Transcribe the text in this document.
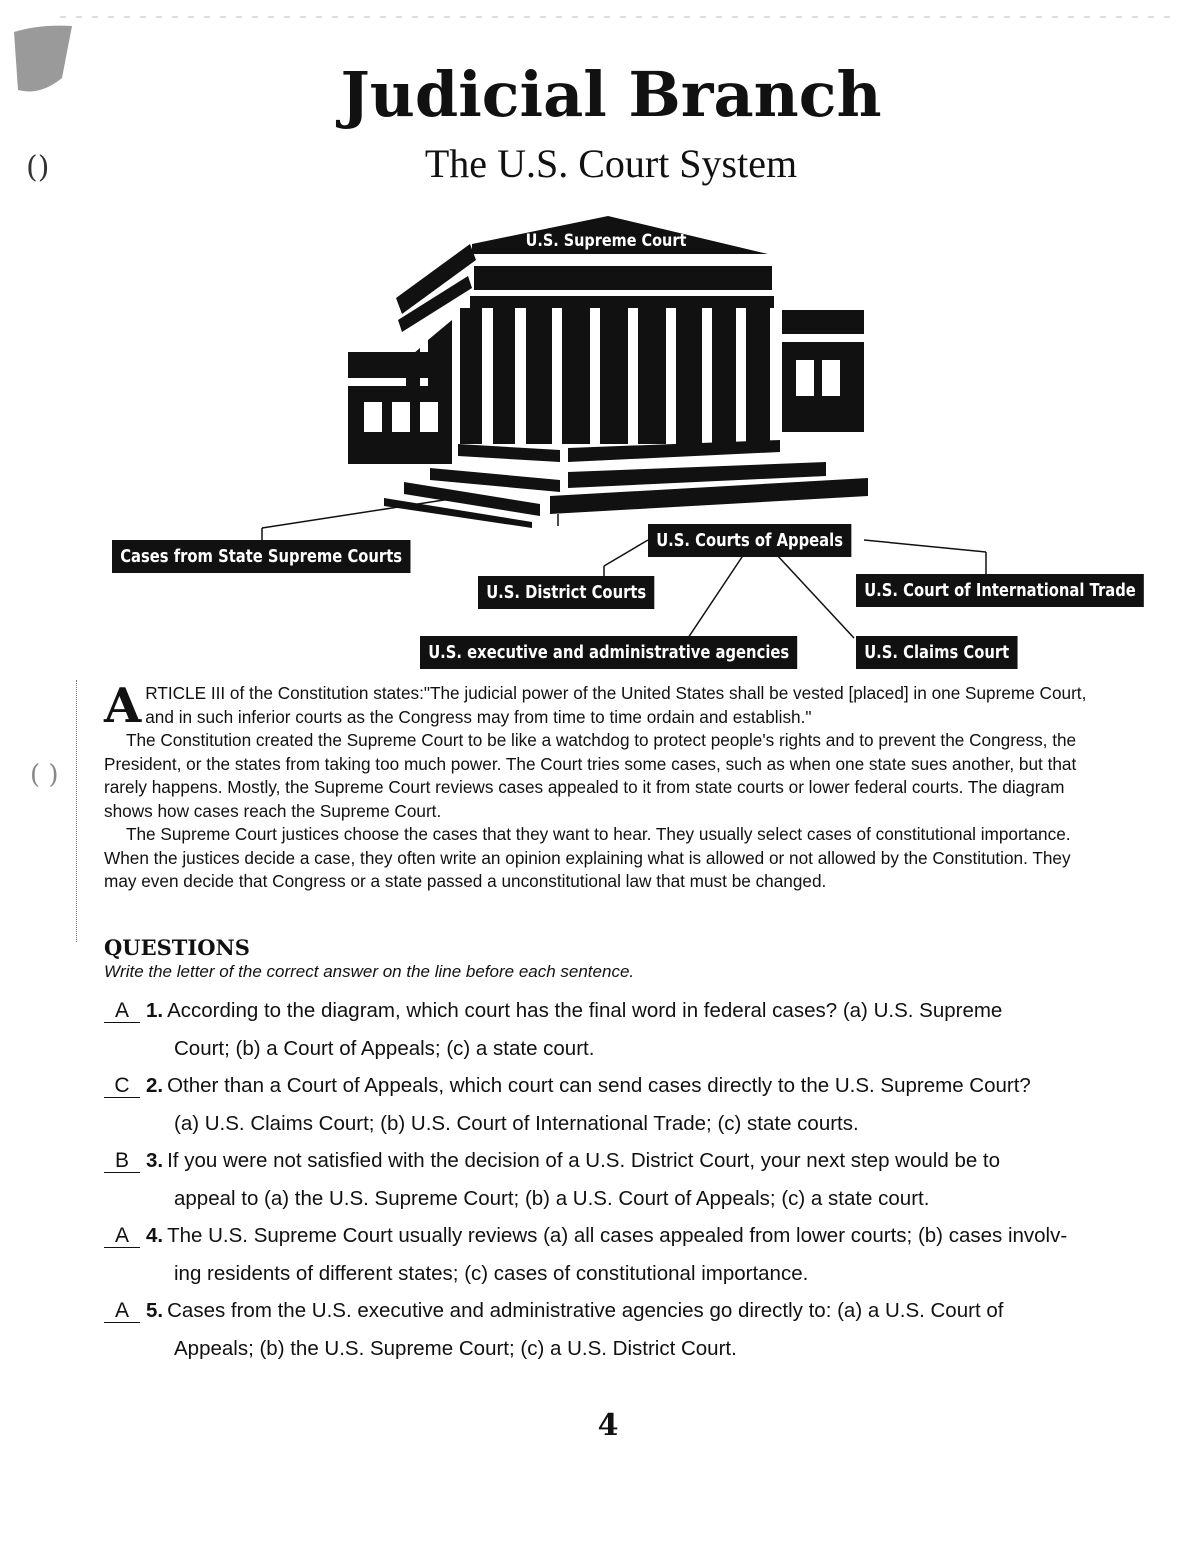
()
( )
Judicial Branch
The U.S. Court System
U.S. Supreme Court
Cases from State Supreme Courts
U.S. Courts of Appeals
U.S. District Courts	U.S. Court of International Trade
U.S. executive and administrative agencies	U.S. Claims Court

ARTICLE III of the Constitution states:"The judicial power of the United States shall be vested [placed] in one Supreme Court, and in such inferior courts as the Congress may from time to time ordain and establish."

The Constitution created the Supreme Court to be like a watchdog to protect people's rights and to prevent the Congress, the President, or the states from taking too much power. The Court tries some cases, such as when one state sues another, but that rarely happens. Mostly, the Supreme Court reviews cases appealed to it from state courts or lower federal courts. The diagram shows how cases reach the Supreme Court.

The Supreme Court justices choose the cases that they want to hear. They usually select cases of constitutional importance. When the justices decide a case, they often write an opinion explaining what is allowed or not allowed by the Constitution. They may even decide that Congress or a state passed a unconstitutional law that must be changed.

QUESTIONS
Write the letter of the correct answer on the line before each sentence.
A 1. According to the diagram, which court has the final word in federal cases? (a) U.S. Supreme
Court; (b) a Court of Appeals; (c) a state court.
C 2. Other than a Court of Appeals, which court can send cases directly to the U.S. Supreme Court?
(a) U.S. Claims Court; (b) U.S. Court of International Trade; (c) state courts.
B 3. If you were not satisfied with the decision of a U.S. District Court, your next step would be to
appeal to (a) the U.S. Supreme Court; (b) a U.S. Court of Appeals; (c) a state court.
A 4. The U.S. Supreme Court usually reviews (a) all cases appealed from lower courts; (b) cases involv-
ing residents of different states; (c) cases of constitutional importance.
A 5. Cases from the U.S. executive and administrative agencies go directly to: (a) a U.S. Court of
Appeals; (b) the U.S. Supreme Court; (c) a U.S. District Court.
4
